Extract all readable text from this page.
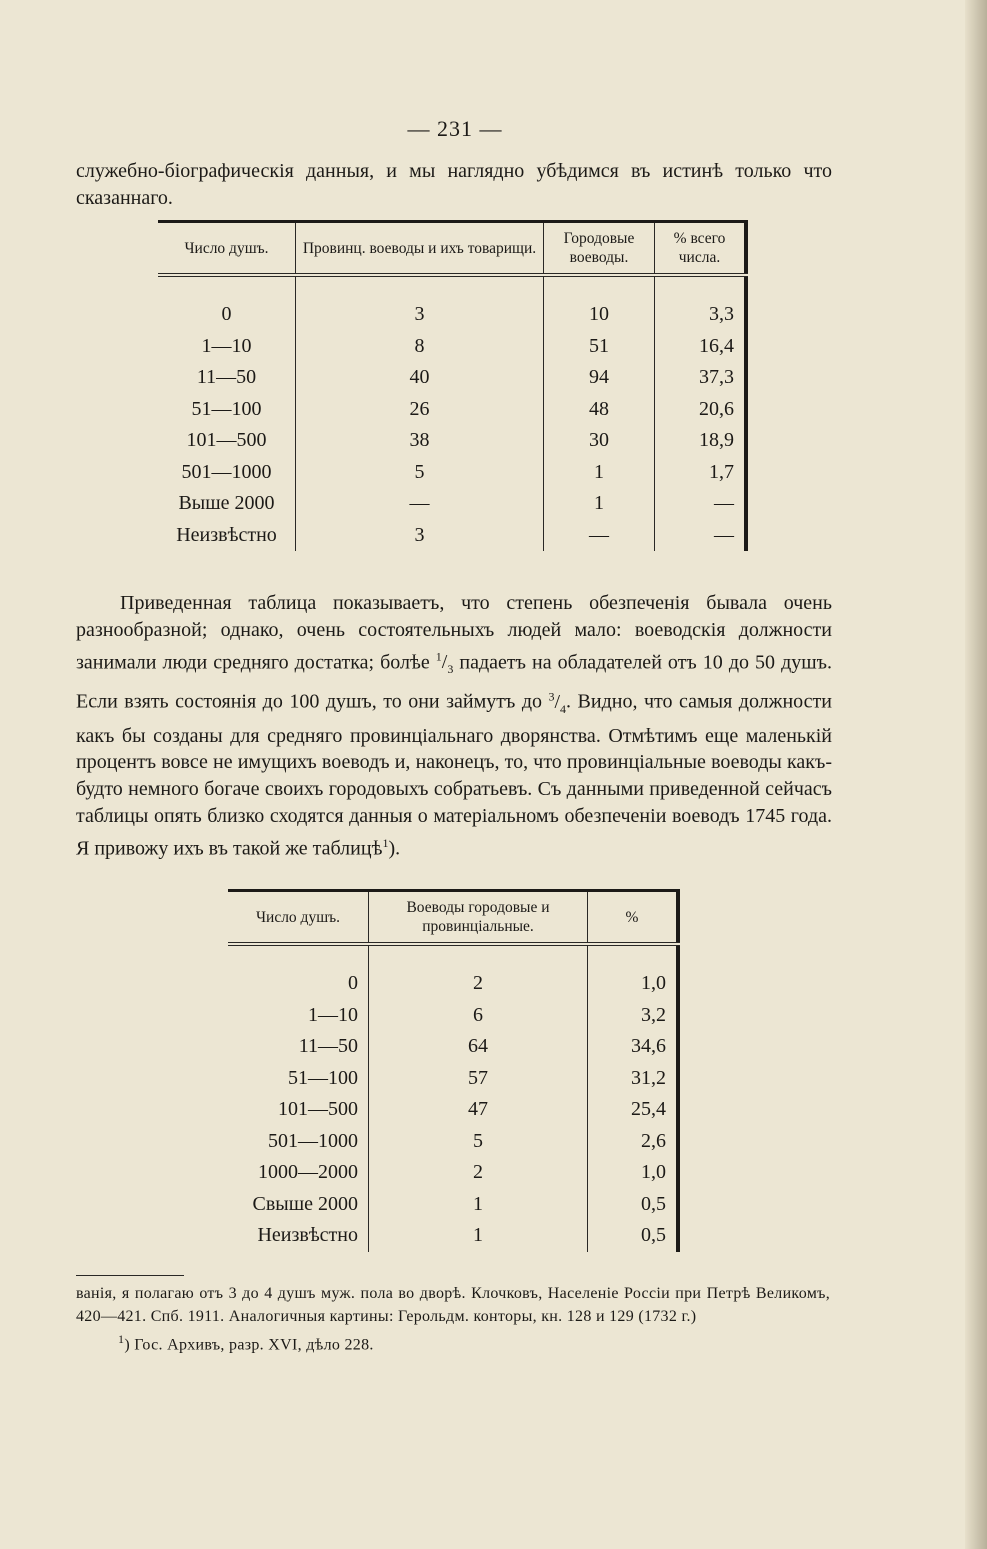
— 231 —

служебно-біографическія данныя, и мы наглядно убѣдимся въ истинѣ только что сказаннаго.

Число душъ.	Провинц. воеводы и ихъ товарищи.	Городовые воеводы.	% всего числа.

0	3	10	3,3
1—10	8	51	16,4
11—50	40	94	37,3
51—100	26	48	20,6
101—500	38	30	18,9
501—1000	5	1	1,7
Выше 2000	—	1	—
Неизвѣстно	3	—	—

Приведенная таблица показываетъ, что степень обезпеченія бывала очень разнообразной; однако, очень состоятельныхъ людей мало: воеводскія должности занимали люди средняго достатка; болѣе $^1/_3$ падаетъ на обладателей отъ 10 до 50 душъ. Если взять состоянія до 100 душъ, то они займутъ до $^3/_4$. Видно, что самыя должности какъ бы созданы для средняго провинціальнаго дворянства. Отмѣтимъ еще маленькій процентъ вовсе не имущихъ воеводъ и, наконецъ, то, что провинціальные воеводы какъ-будто немного богаче своихъ городовыхъ собратьевъ. Съ данными приведенной сейчасъ таблицы опять близко сходятся данныя о матеріальномъ обезпеченіи воеводъ 1745 года. Я привожу ихъ въ такой же таблицѣ$^1$).

Число душъ.	Воеводы городовые и провинціальные.	%

0	2	1,0
1—10	6	3,2
11—50	64	34,6
51—100	57	31,2
101—500	47	25,4
501—1000	5	2,6
1000—2000	2	1,0
Свыше 2000	1	0,5
Неизвѣстно	1	0,5

ванія, я полагаю отъ 3 до 4 душъ муж. пола во дворѣ. Клочковъ, Населеніе Россіи при Петрѣ Великомъ, 420—421. Спб. 1911. Аналогичныя картины: Герольдм. конторы, кн. 128 и 129 (1732 г.)

$^1$) Гос. Архивъ, разр. XVI, дѣло 228.
